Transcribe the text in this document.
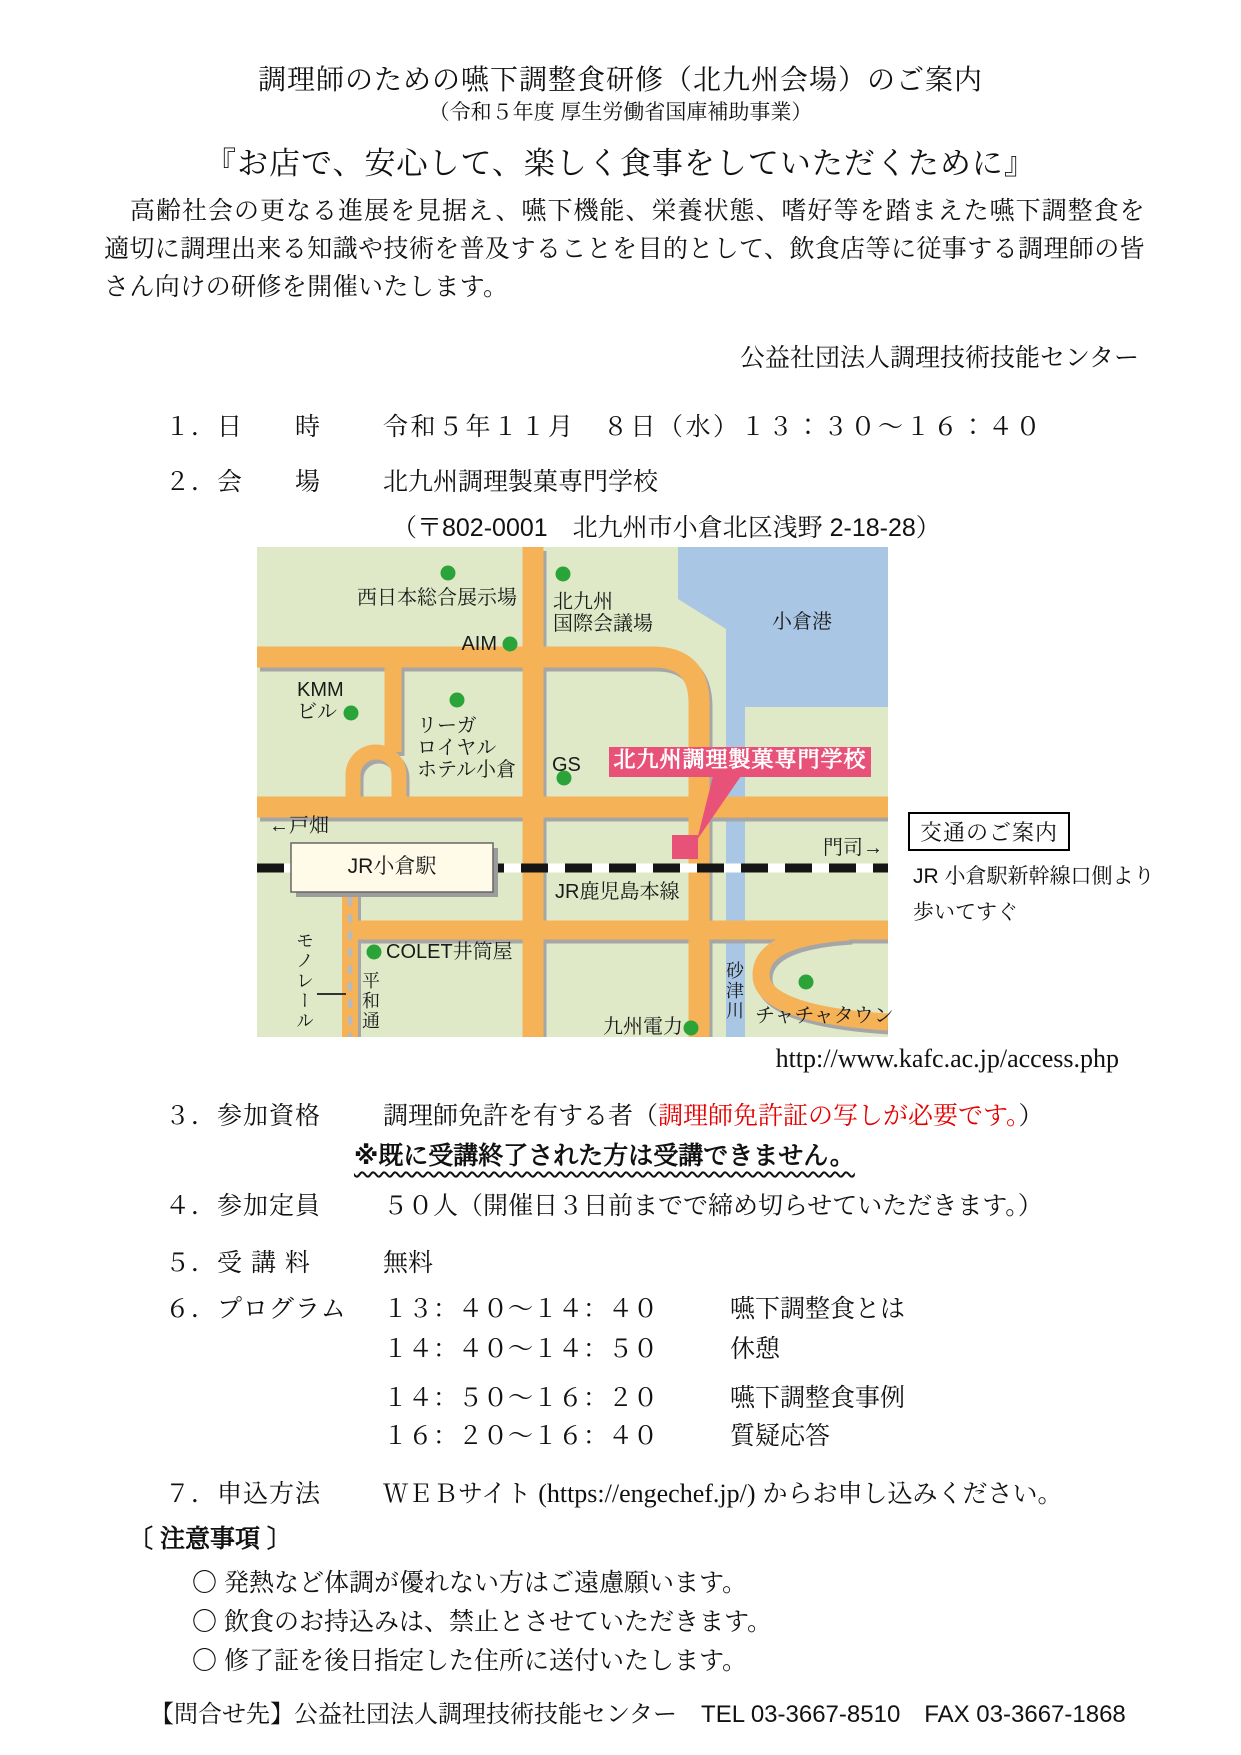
調理師のための嚥下調整食研修（北九州会場）のご案内
（令和５年度 厚生労働省国庫補助事業）
『お店で、安心して、楽しく食事をしていただくために』
　高齢社会の更なる進展を見据え、嚥下機能、栄養状態、嗜好等を踏まえた嚥下調整食を適切に調理出来る知識や技術を普及することを目的として、飲食店等に従事する調理師の皆さん向けの研修を開催いたします。
公益社団法人調理技術技能センター
１．日　　時 令和５年１１月　８日（水）１３：３０～１６：４０
２．会　　場 北九州調理製菓専門学校
（〒802-0001　北九州市小倉北区浅野 2-18-28）
西日本総合展示場 北九州
国際会議場
AIM
小倉港
KMM
ビル
リーガ
ロイヤル
ホテル小倉 GS 北九州調理製菓専門学校
←戸畑
門司→
JR小倉駅
JR鹿児島本線
COLET井筒屋
平和通
モノレール	砂津川 チャチャタウン
九州電力
交通のご案内
JR 小倉駅新幹線口側より
歩いてすぐ
http://www.kafc.ac.jp/access.php
３．参加資格 調理師免許を有する者（調理師免許証の写しが必要です。）
※既に受講終了された方は受講できません。
４．参加定員 ５０人（開催日３日前までで締め切らせていただきます。）
５．受 講 料	無料
６．プログラム １３：４０～１４：４０	嚥下調整食とは
１４：４０～１４：５０	休憩
１４：５０～１６：２０	嚥下調整食事例
１６：２０～１６：４０	質疑応答
７．申込方法 ＷＥＢサイト (https://engechef.jp/) からお申し込みください。
〔 注意事項 〕
〇 発熱など体調が優れない方はご遠慮願います。
〇 飲食のお持込みは、禁止とさせていただきます。
〇 修了証を後日指定した住所に送付いたします。
【問合せ先】公益社団法人調理技術技能センター　TEL 03-3667-8510　FAX 03-3667-1868
